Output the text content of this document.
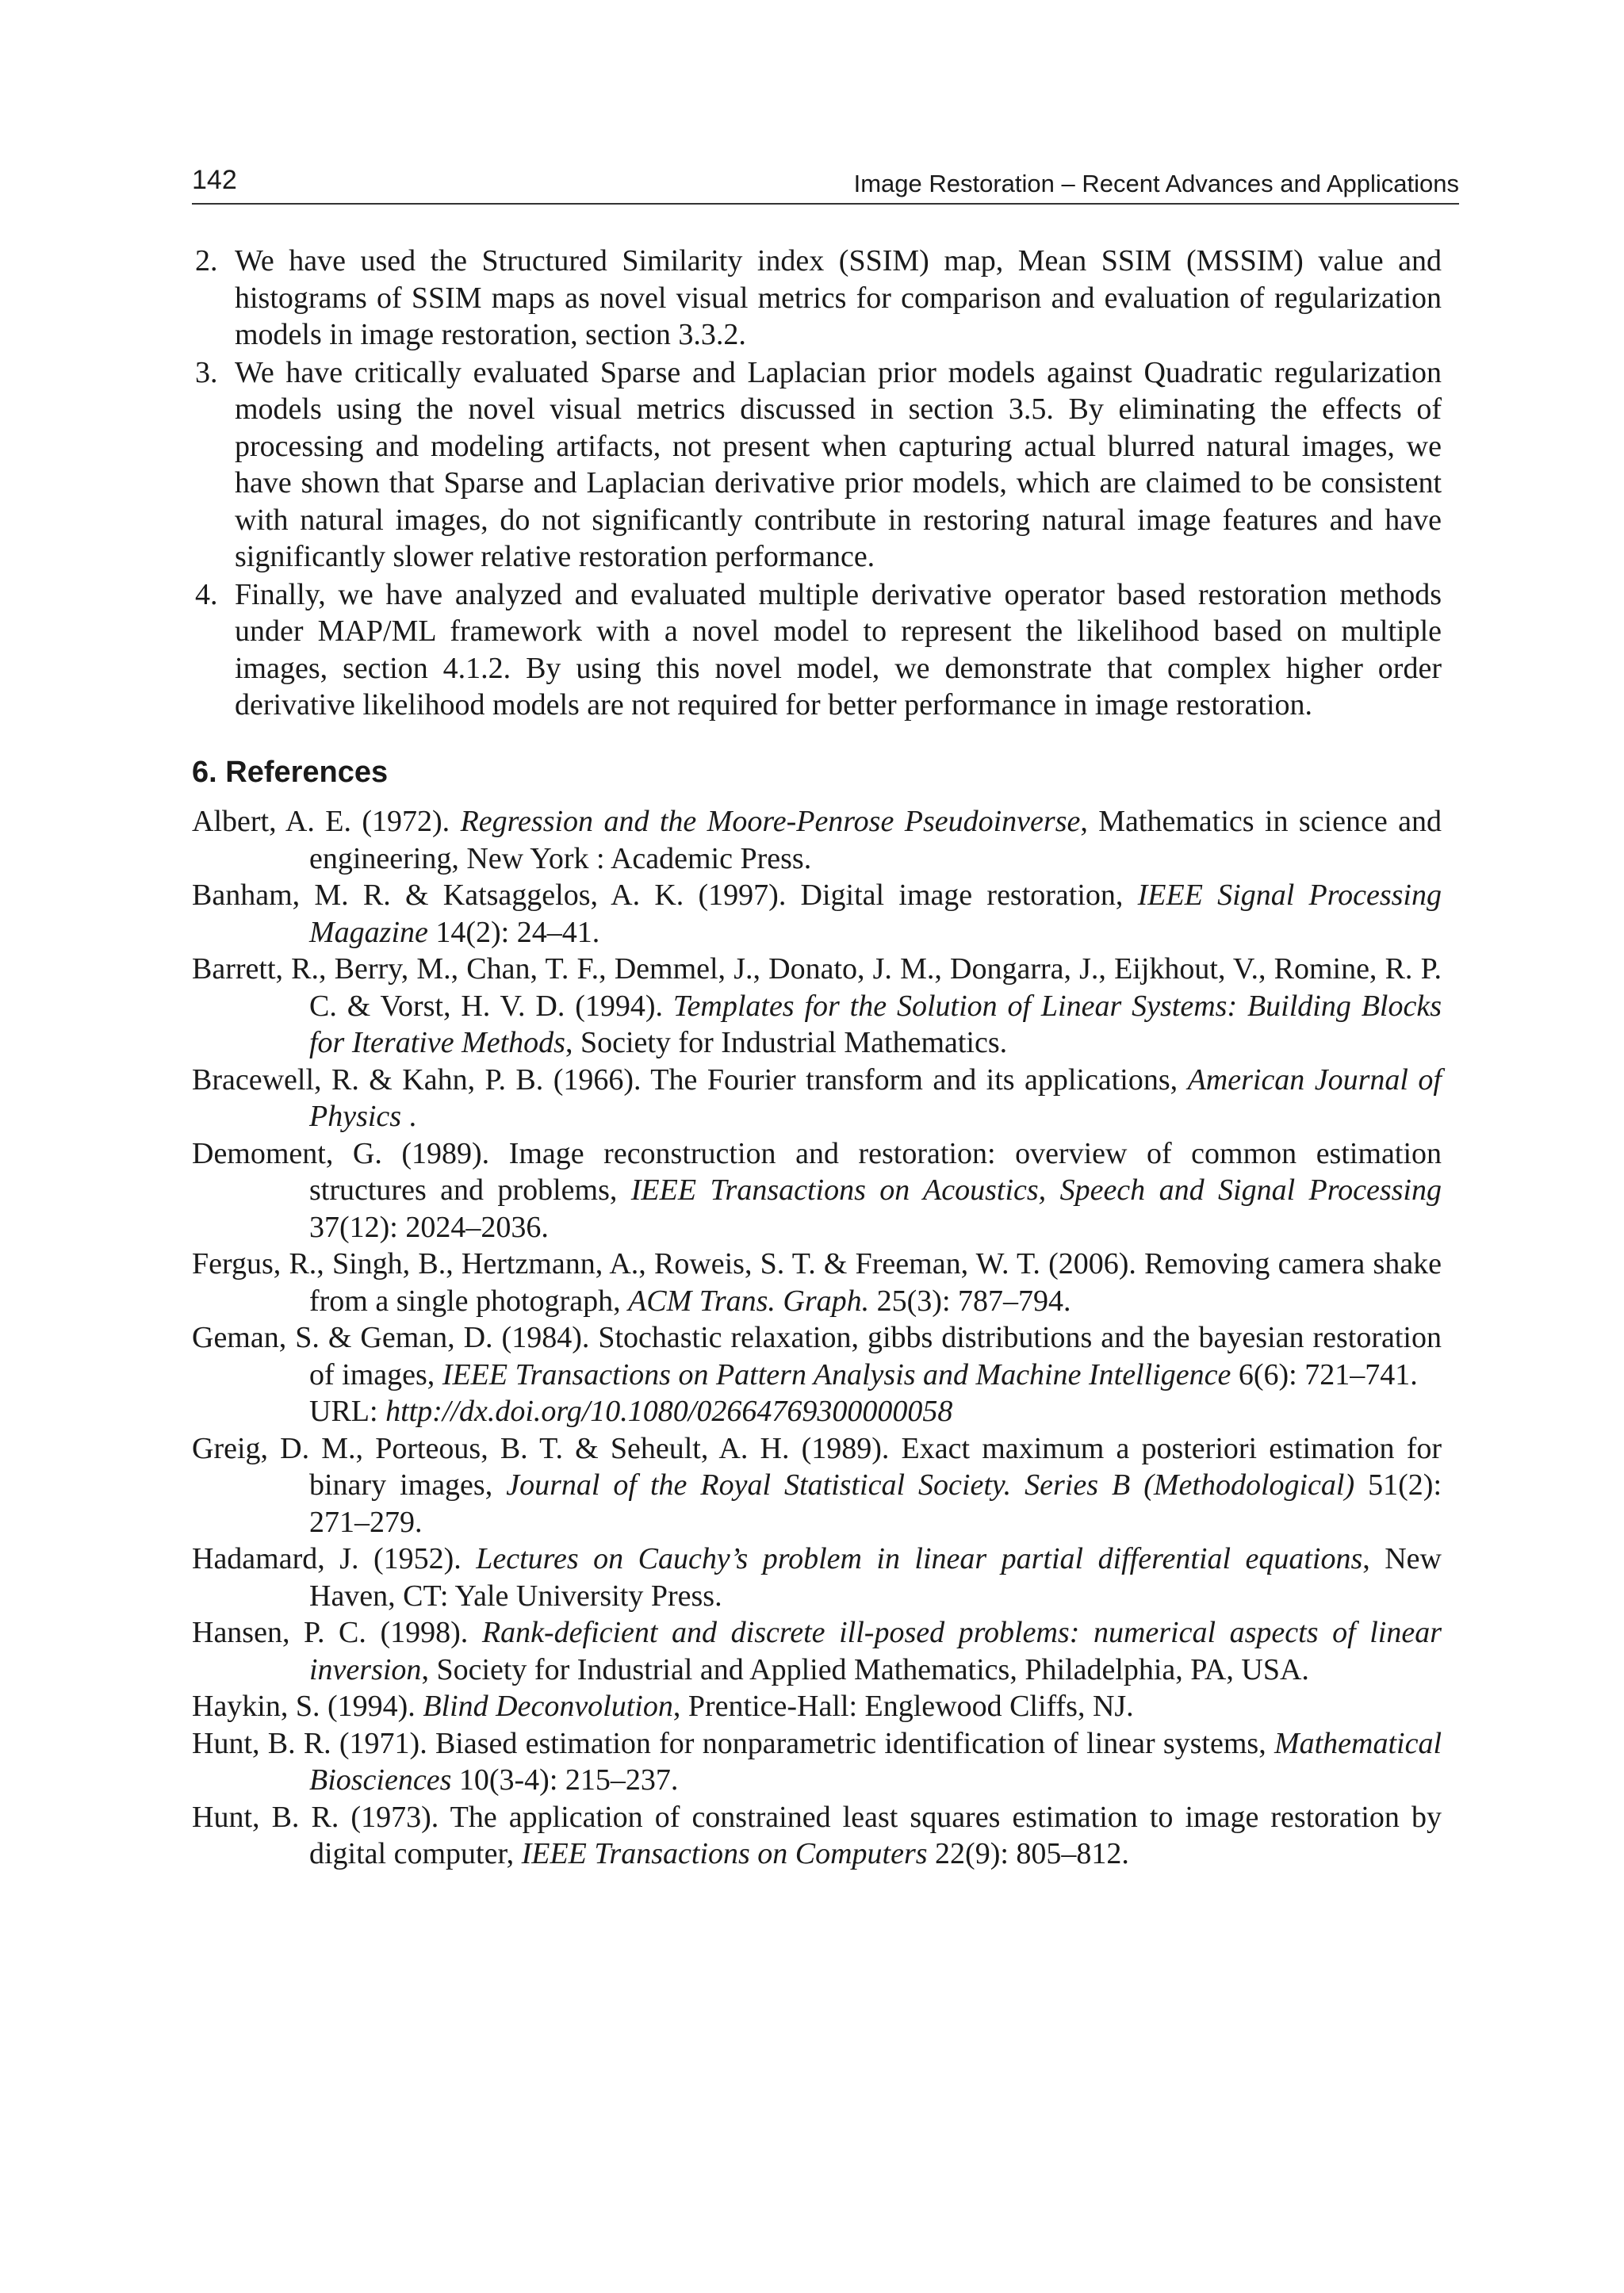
142	Image Restoration – Recent Advances and Applications
2. We have used the Structured Similarity index (SSIM) map, Mean SSIM (MSSIM) value and histograms of SSIM maps as novel visual metrics for comparison and evaluation of regularization models in image restoration, section 3.3.2.
3. We have critically evaluated Sparse and Laplacian prior models against Quadratic regularization models using the novel visual metrics discussed in section 3.5. By eliminating the effects of processing and modeling artifacts, not present when capturing actual blurred natural images, we have shown that Sparse and Laplacian derivative prior models, which are claimed to be consistent with natural images, do not significantly contribute in restoring natural image features and have significantly slower relative restoration performance.
4. Finally, we have analyzed and evaluated multiple derivative operator based restoration methods under MAP/ML framework with a novel model to represent the likelihood based on multiple images, section 4.1.2. By using this novel model, we demonstrate that complex higher order derivative likelihood models are not required for better performance in image restoration.
6. References

Albert, A. E. (1972). Regression and the Moore-Penrose Pseudoinverse, Mathematics in science and engineering, New York : Academic Press.

Banham, M. R. & Katsaggelos, A. K. (1997). Digital image restoration, IEEE Signal Processing Magazine 14(2): 24–41.

Barrett, R., Berry, M., Chan, T. F., Demmel, J., Donato, J. M., Dongarra, J., Eijkhout, V., Romine, R. P. C. & Vorst, H. V. D. (1994). Templates for the Solution of Linear Systems: Building Blocks for Iterative Methods, Society for Industrial Mathematics.

Bracewell, R. & Kahn, P. B. (1966). The Fourier transform and its applications, American Journal of Physics .

Demoment, G. (1989). Image reconstruction and restoration: overview of common estimation structures and problems, IEEE Transactions on Acoustics, Speech and Signal Processing 37(12): 2024–2036.

Fergus, R., Singh, B., Hertzmann, A., Roweis, S. T. & Freeman, W. T. (2006). Removing camera shake from a single photograph, ACM Trans. Graph. 25(3): 787–794.

Geman, S. & Geman, D. (1984). Stochastic relaxation, gibbs distributions and the bayesian restoration of images, IEEE Transactions on Pattern Analysis and Machine Intelligence 6(6): 721–741.

URL: http://dx.doi.org/10.1080/02664769300000058

Greig, D. M., Porteous, B. T. & Seheult, A. H. (1989). Exact maximum a posteriori estimation for binary images, Journal of the Royal Statistical Society. Series B (Methodological) 51(2): 271–279.

Hadamard, J. (1952). Lectures on Cauchy’s problem in linear partial differential equations, New Haven, CT: Yale University Press.

Hansen, P. C. (1998). Rank-deficient and discrete ill-posed problems: numerical aspects of linear inversion, Society for Industrial and Applied Mathematics, Philadelphia, PA, USA.

Haykin, S. (1994). Blind Deconvolution, Prentice-Hall: Englewood Cliffs, NJ.

Hunt, B. R. (1971). Biased estimation for nonparametric identification of linear systems, Mathematical Biosciences 10(3-4): 215–237.

Hunt, B. R. (1973). The application of constrained least squares estimation to image restoration by digital computer, IEEE Transactions on Computers 22(9): 805–812.
